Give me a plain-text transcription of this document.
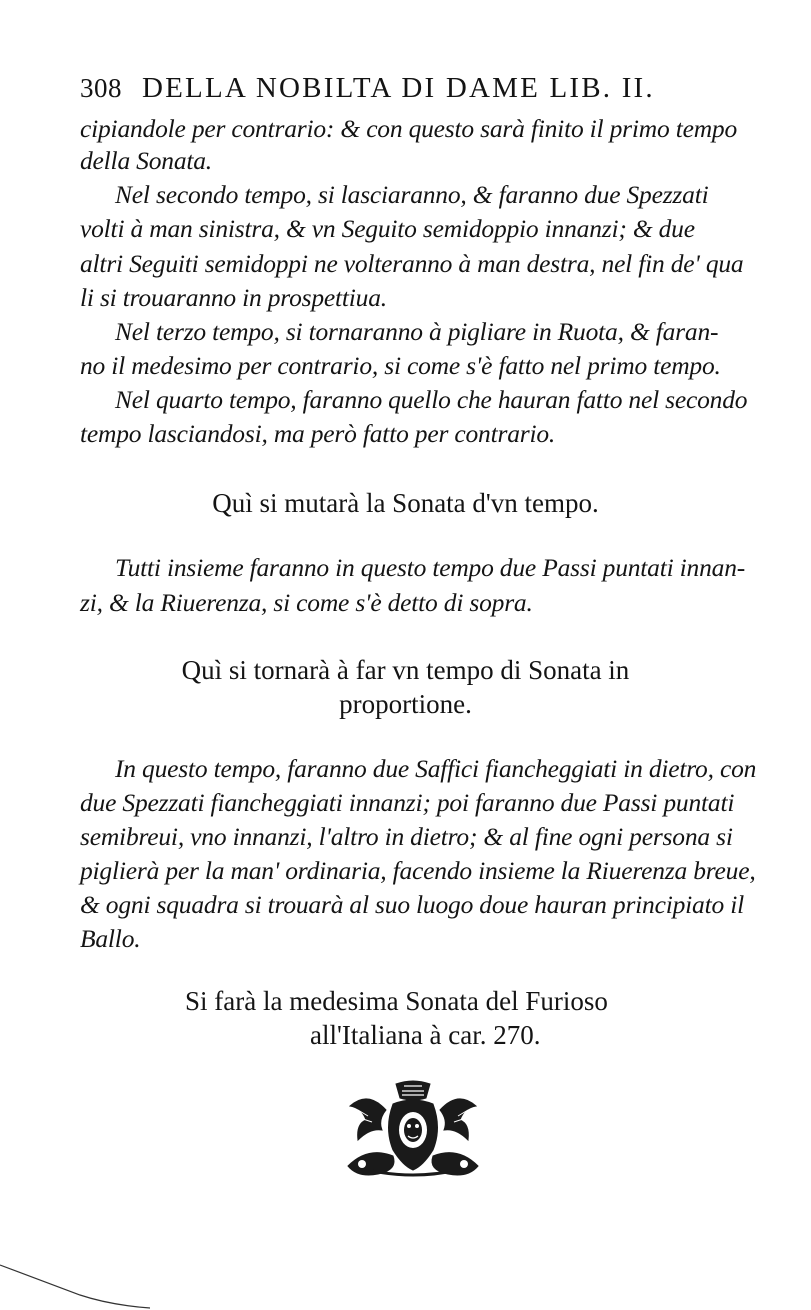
308 DELLA NOBILTA DI DAME LIB. II.
cipiandole per contrario: & con questo sarà finito il primo tempo
della Sonata.
Nel secondo tempo, si lasciaranno, & faranno due Spezzati
volti à man sinistra, & vn Seguito semidoppio innanzi; & due
altri Seguiti semidoppi ne volteranno à man destra, nel fin de' qua
li si trouaranno in prospettiua.
Nel terzo tempo, si tornaranno à pigliare in Ruota, & faran-
no il medesimo per contrario, si come s'è fatto nel primo tempo.
Nel quarto tempo, faranno quello che hauran fatto nel secondo
tempo lasciandosi, ma però fatto per contrario.
Quì si mutarà la Sonata d'vn tempo.
Tutti insieme faranno in questo tempo due Passi puntati innan-
zi, & la Riuerenza, si come s'è detto di sopra.
Quì si tornarà à far vn tempo di Sonata in
proportione.
In questo tempo, faranno due Saffici fiancheggiati in dietro, con
due Spezzati fiancheggiati innanzi; poi faranno due Passi puntati
semibreui, vno innanzi, l'altro in dietro; & al fine ogni persona si
piglierà per la man' ordinaria, facendo insieme la Riuerenza breue,
& ogni squadra si trouarà al suo luogo doue hauran principiato il
Ballo.
Si farà la medesima Sonata del Furioso
all'Italiana à car. 270.
